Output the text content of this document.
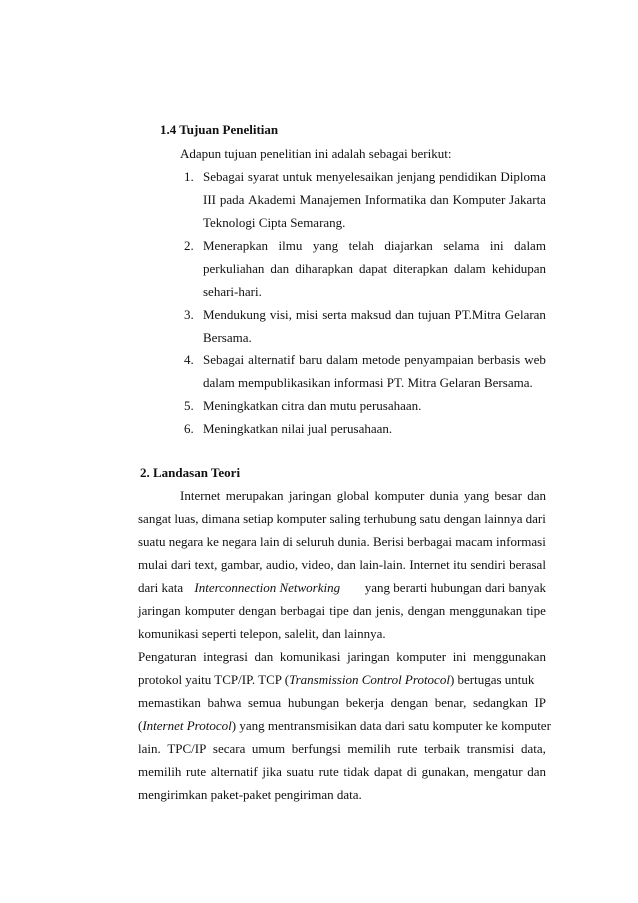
1.4 Tujuan Penelitian
Adapun tujuan penelitian ini adalah sebagai berikut:
1. Sebagai syarat untuk menyelesaikan jenjang pendidikan Diploma
III pada Akademi Manajemen Informatika dan Komputer Jakarta
Teknologi Cipta Semarang.
2. Menerapkan ilmu yang telah diajarkan selama ini dalam
perkuliahan dan diharapkan dapat diterapkan dalam kehidupan
sehari-hari.
3. Mendukung visi, misi serta maksud dan tujuan PT.Mitra Gelaran
Bersama.
4. Sebagai alternatif baru dalam metode penyampaian berbasis web
dalam mempublikasikan informasi PT. Mitra Gelaran Bersama.
5. Meningkatkan citra dan mutu perusahaan.
6. Meningkatkan nilai jual perusahaan.
2. Landasan Teori
Internet merupakan jaringan global komputer dunia yang besar dan
sangat luas, dimana setiap komputer saling terhubung satu dengan lainnya dari
suatu negara ke negara lain di seluruh dunia. Berisi berbagai macam informasi
mulai dari text, gambar, audio, video, dan lain-lain. Internet itu sendiri berasal
dari kata Interconnection Networking yang berarti hubungan dari banyak
jaringan komputer dengan berbagai tipe dan jenis, dengan menggunakan tipe
komunikasi seperti telepon, salelit, dan lainnya.
Pengaturan integrasi dan komunikasi jaringan komputer ini menggunakan
protokol yaitu TCP/IP. TCP (Transmission Control Protocol) bertugas untuk
memastikan bahwa semua hubungan bekerja dengan benar, sedangkan IP
(Internet Protocol) yang mentransmisikan data dari satu komputer ke komputer
lain. TPC/IP secara umum berfungsi memilih rute terbaik transmisi data,
memilih rute alternatif jika suatu rute tidak dapat di gunakan, mengatur dan
mengirimkan paket-paket pengiriman data.
